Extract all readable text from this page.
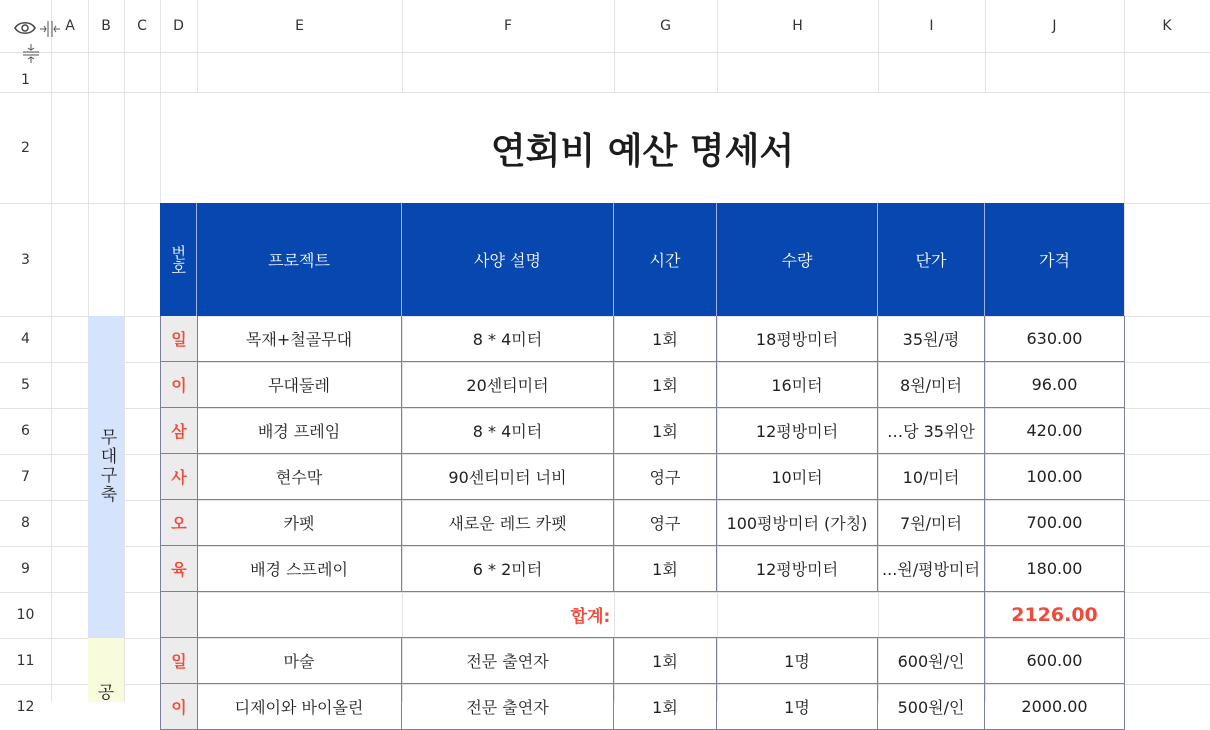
A	B	C	D	E	F	G	H	I	J	K
1
2
3
4
5
6
7
8
9
10
11
12
연회비 예산 명세서
번호	프로젝트	사양 설명	시간	수량	단가	가격
무대구축
일	목재+철골무대	8 * 4미터	1회	18평방미터	35원/평	630.00
이	무대둘레	20센티미터	1회	16미터	8원/미터	96.00
삼	배경 프레임	8 * 4미터	1회	12평방미터	…당 35위안	420.00
사	현수막	90센티미터 너비	영구	10미터	10/미터	100.00
오	카펫	새로운 레드 카펫	영구	100평방미터 (가칭)	7원/미터	700.00
육	배경 스프레이	6 * 2미터	1회	12평방미터	...원/평방미터	180.00
합계:	2126.00
공
일	마술	전문 출연자	1회	1명	600원/인	600.00
이	디제이와 바이올린	전문 출연자	1회	1명	500원/인	2000.00
